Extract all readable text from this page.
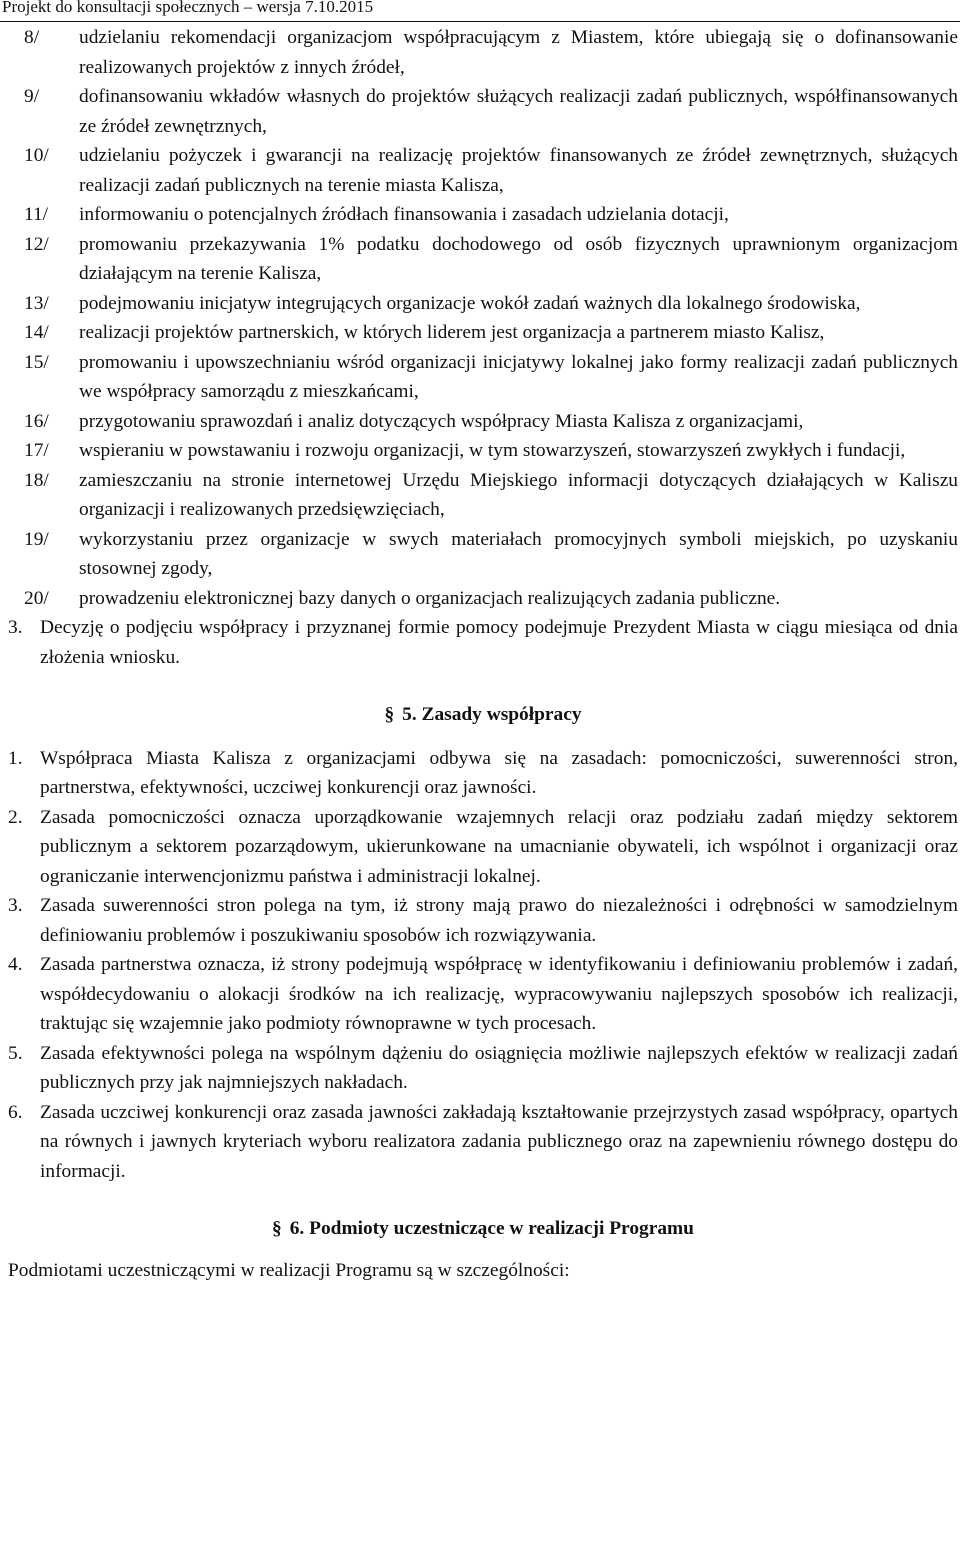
Projekt do konsultacji społecznych – wersja 7.10.2015

8/ udzielaniu rekomendacji organizacjom współpracującym z Miastem, które ubiegają się o dofinansowanie realizowanych projektów z innych źródeł,

9/ dofinansowaniu wkładów własnych do projektów służących realizacji zadań publicznych, współfinansowanych ze źródeł zewnętrznych,

10/ udzielaniu pożyczek i gwarancji na realizację projektów finansowanych ze źródeł zewnętrznych, służących realizacji zadań publicznych na terenie miasta Kalisza,

11/ informowaniu o potencjalnych źródłach finansowania i zasadach udzielania dotacji,

12/ promowaniu przekazywania 1% podatku dochodowego od osób fizycznych uprawnionym organizacjom działającym na terenie Kalisza,

13/ podejmowaniu inicjatyw integrujących organizacje wokół zadań ważnych dla lokalnego środowiska,

14/ realizacji projektów partnerskich, w których liderem jest organizacja a partnerem miasto Kalisz,

15/ promowaniu i upowszechnianiu wśród organizacji inicjatywy lokalnej jako formy realizacji zadań publicznych we współpracy samorządu z mieszkańcami,

16/ przygotowaniu sprawozdań i analiz dotyczących współpracy Miasta Kalisza z organizacjami,

17/ wspieraniu w powstawaniu i rozwoju organizacji, w tym stowarzyszeń, stowarzyszeń zwykłych i fundacji,

18/ zamieszczaniu na stronie internetowej Urzędu Miejskiego informacji dotyczących działających w Kaliszu organizacji i realizowanych przedsięwzięciach,

19/ wykorzystaniu przez organizacje w swych materiałach promocyjnych symboli miejskich, po uzyskaniu stosownej zgody,

20/ prowadzeniu elektronicznej bazy danych o organizacjach realizujących zadania publiczne.

3. Decyzję o podjęciu współpracy i przyznanej formie pomocy podejmuje Prezydent Miasta w ciągu miesiąca od dnia złożenia wniosku.

§ 5. Zasady współpracy

1. Współpraca Miasta Kalisza z organizacjami odbywa się na zasadach: pomocniczości, suwerenności stron, partnerstwa, efektywności, uczciwej konkurencji oraz jawności.

2. Zasada pomocniczości oznacza uporządkowanie wzajemnych relacji oraz podziału zadań między sektorem publicznym a sektorem pozarządowym, ukierunkowane na umacnianie obywateli, ich wspólnot i organizacji oraz ograniczanie interwencjonizmu państwa i administracji lokalnej.

3. Zasada suwerenności stron polega na tym, iż strony mają prawo do niezależności i odrębności w samodzielnym definiowaniu problemów i poszukiwaniu sposobów ich rozwiązywania.

4. Zasada partnerstwa oznacza, iż strony podejmują współpracę w identyfikowaniu i definiowaniu problemów i zadań, współdecydowaniu o alokacji środków na ich realizację, wypracowywaniu najlepszych sposobów ich realizacji, traktując się wzajemnie jako podmioty równoprawne w tych procesach.

5. Zasada efektywności polega na wspólnym dążeniu do osiągnięcia możliwie najlepszych efektów w realizacji zadań publicznych przy jak najmniejszych nakładach.

6. Zasada uczciwej konkurencji oraz zasada jawności zakładają kształtowanie przejrzystych zasad współpracy, opartych na równych i jawnych kryteriach wyboru realizatora zadania publicznego oraz na zapewnieniu równego dostępu do informacji.

§ 6. Podmioty uczestniczące w realizacji Programu

Podmiotami uczestniczącymi w realizacji Programu są w szczególności:
